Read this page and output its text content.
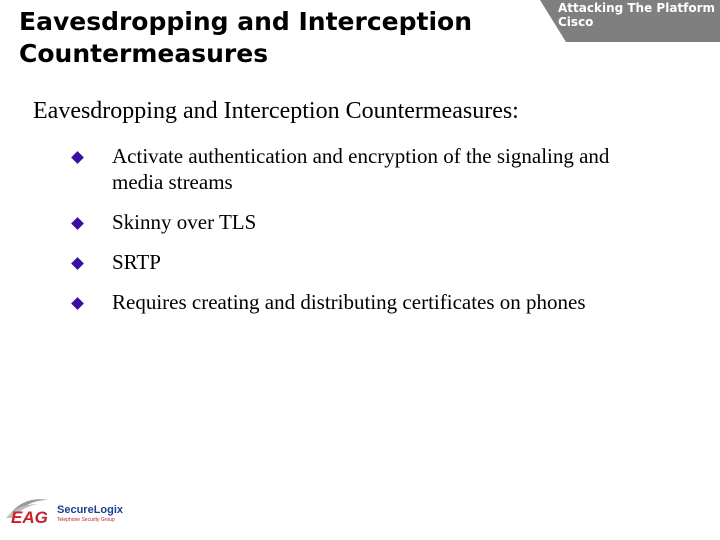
Eavesdropping and Interception
Countermeasures
Attacking The Platform
Cisco
Eavesdropping and Interception Countermeasures:
Activate authentication and encryption of the signaling and
media streams
Skinny over TLS
SRTP
Requires creating and distributing certificates on phones
EAG SecureLogix
Telephone Security Group
